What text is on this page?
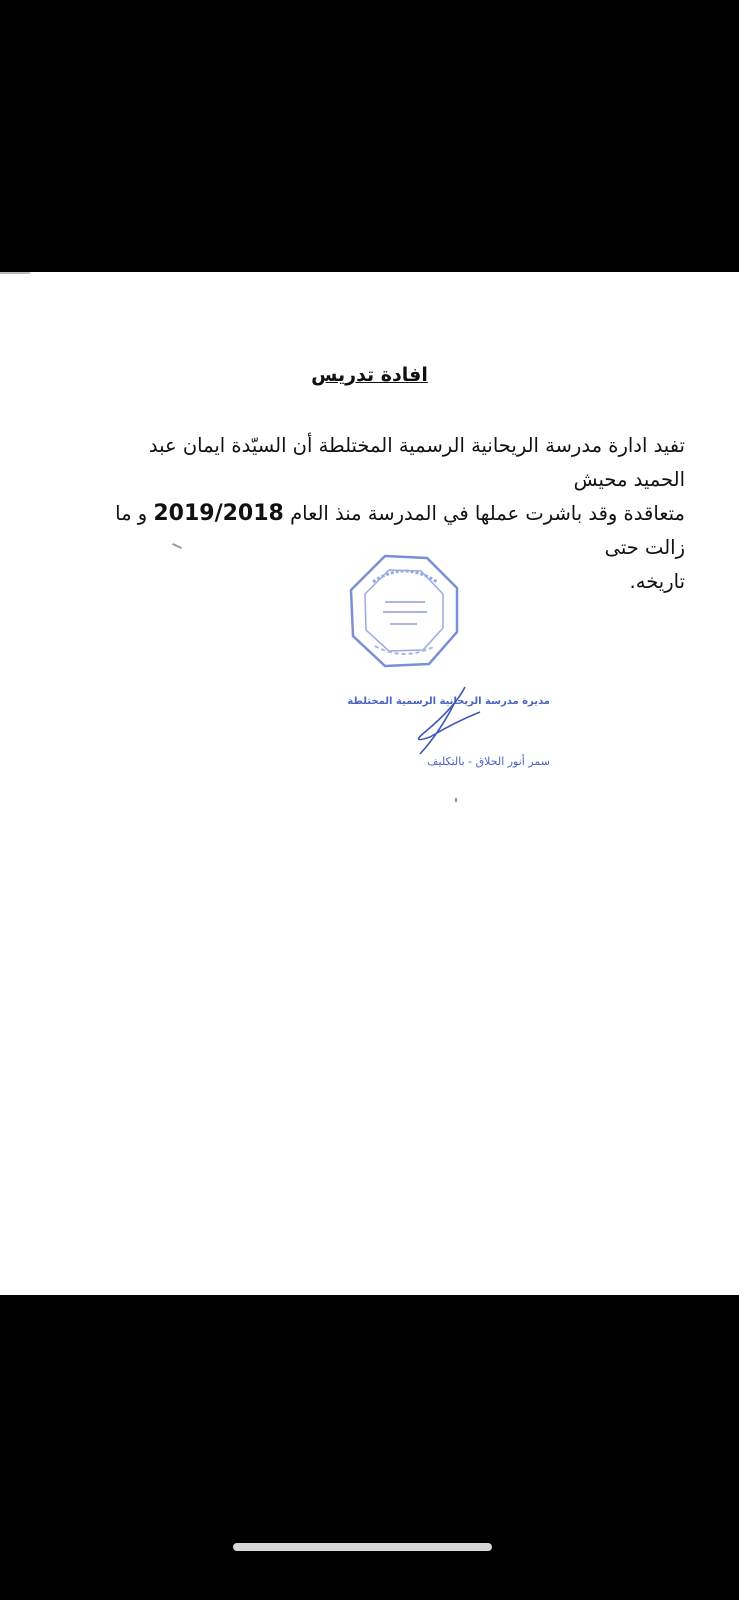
افادة تدريس
تفيد ادارة مدرسة الريحانية الرسمية المختلطة أن السيّدة ايمان عبد الحميد محيش
متعاقدة وقد باشرت عملها في المدرسة منذ العام 2019/2018 و ما زالت حتى
تاريخه.
مديرة مدرسة الريحانية الرسمية المختلطة
سمر أنور الحلاق - بالتكليف
